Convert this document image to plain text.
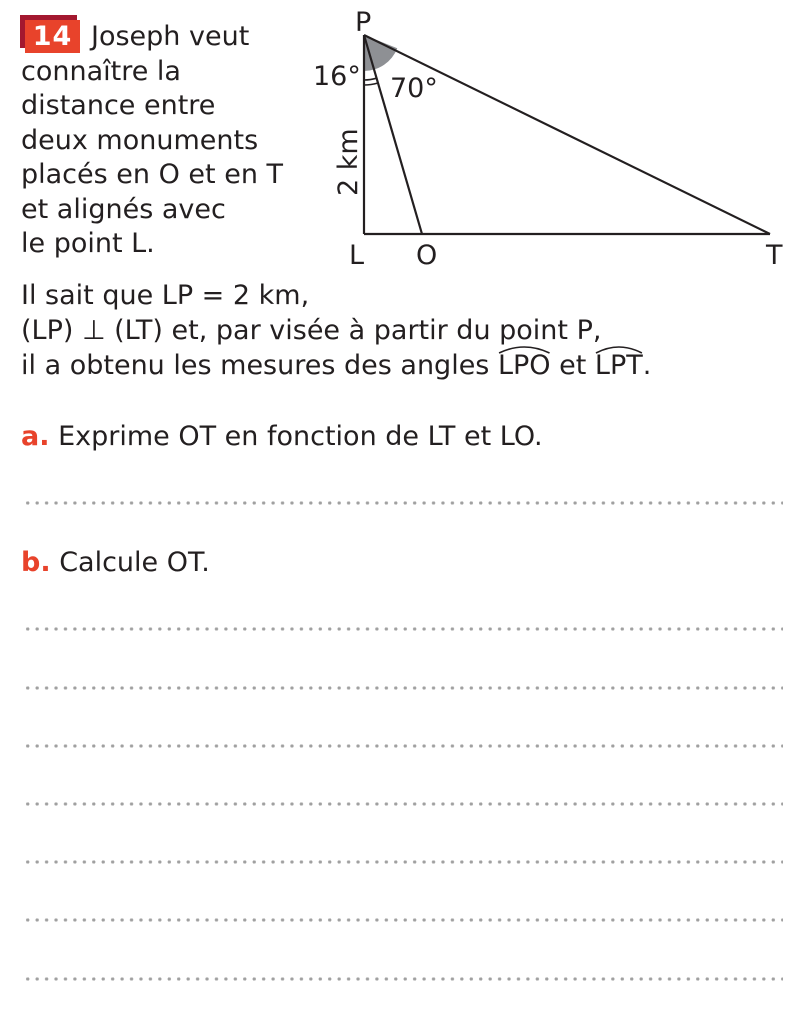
14 Joseph veut
connaître la
distance entre
deux monuments
placés en O et en T
et alignés avec
le point L.
P
L O	T
16° 70°
2 km
Il sait que LP = 2 km,
(LP) ⊥ (LT) et, par visée à partir du point P,
il a obtenu les mesures des angles
LPO et
LPT.
a. Exprime OT en fonction de LT et LO.
b. Calcule OT.
